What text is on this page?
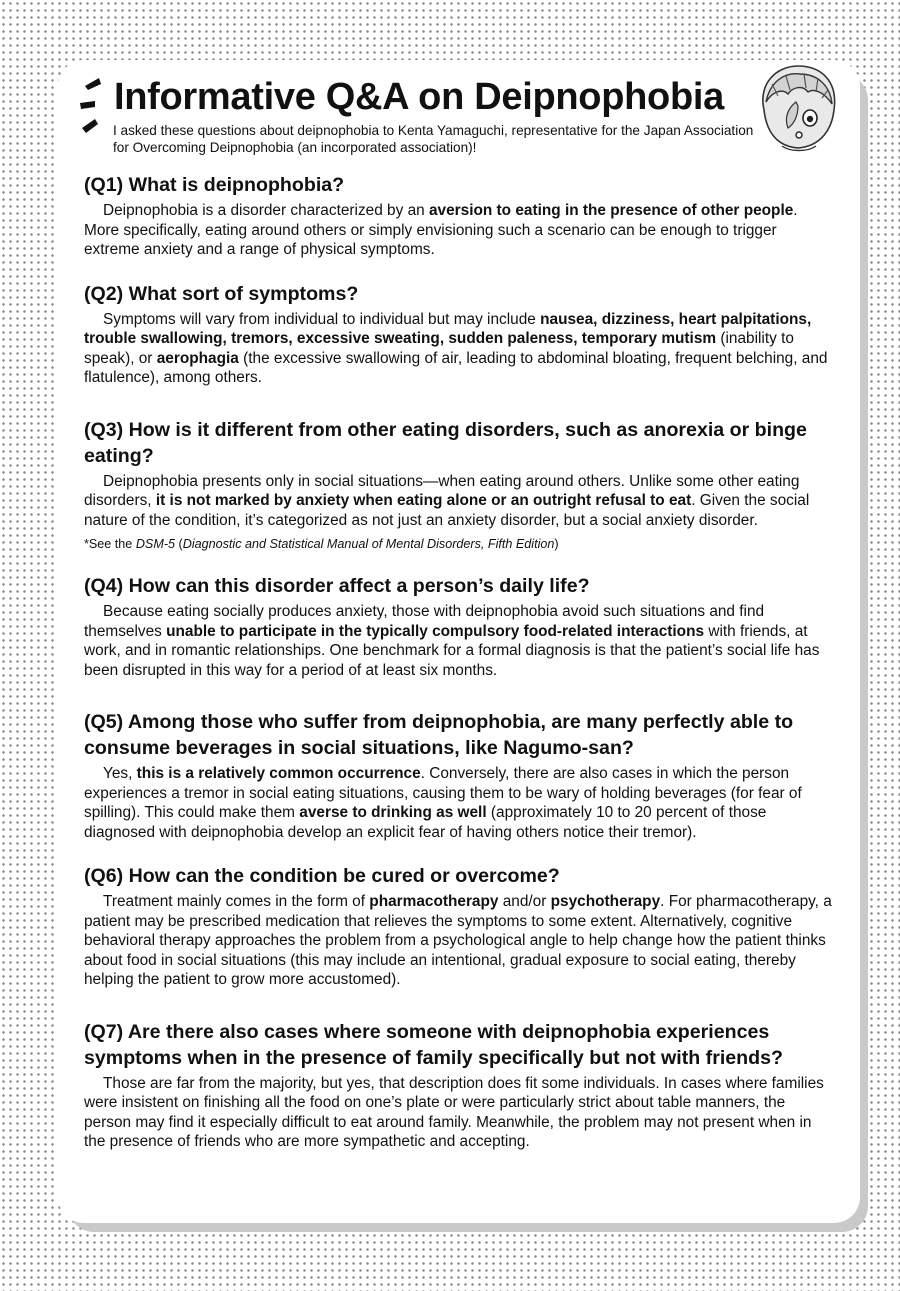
Informative Q&A on Deipnophobia

I asked these questions about deipnophobia to Kenta Yamaguchi, representative for the Japan Association for Overcoming Deipnophobia (an incorporated association)!

(Q1) What is deipnophobia?

Deipnophobia is a disorder characterized by an aversion to eating in the presence of other people. More specifically, eating around others or simply envisioning such a scenario can be enough to trigger extreme anxiety and a range of physical symptoms.

(Q2) What sort of symptoms?

Symptoms will vary from individual to individual but may include nausea, dizziness, heart palpitations, trouble swallowing, tremors, excessive sweating, sudden paleness, temporary mutism (inability to speak), or aerophagia (the excessive swallowing of air, leading to abdominal bloating, frequent belching, and flatulence), among others.

(Q3) How is it different from other eating disorders, such as anorexia or binge eating?

Deipnophobia presents only in social situations—when eating around others. Unlike some other eating disorders, it is not marked by anxiety when eating alone or an outright refusal to eat. Given the social nature of the condition, it’s categorized as not just an anxiety disorder, but a social anxiety disorder.

*See the DSM-5 (Diagnostic and Statistical Manual of Mental Disorders, Fifth Edition)

(Q4) How can this disorder affect a person’s daily life?

Because eating socially produces anxiety, those with deipnophobia avoid such situations and find themselves unable to participate in the typically compulsory food-related interactions with friends, at work, and in romantic relationships. One benchmark for a formal diagnosis is that the patient’s social life has been disrupted in this way for a period of at least six months.

(Q5) Among those who suffer from deipnophobia, are many perfectly able to consume beverages in social situations, like Nagumo-san?

Yes, this is a relatively common occurrence. Conversely, there are also cases in which the person experiences a tremor in social eating situations, causing them to be wary of holding beverages (for fear of spilling). This could make them averse to drinking as well (approximately 10 to 20 percent of those diagnosed with deipnophobia develop an explicit fear of having others notice their tremor).

(Q6) How can the condition be cured or overcome?

Treatment mainly comes in the form of pharmacotherapy and/or psychotherapy. For pharmacotherapy, a patient may be prescribed medication that relieves the symptoms to some extent. Alternatively, cognitive behavioral therapy approaches the problem from a psychological angle to help change how the patient thinks about food in social situations (this may include an intentional, gradual exposure to social eating, thereby helping the patient to grow more accustomed).

(Q7) Are there also cases where someone with deipnophobia experiences symptoms when in the presence of family specifically but not with friends?

Those are far from the majority, but yes, that description does fit some individuals. In cases where families were insistent on finishing all the food on one’s plate or were particularly strict about table manners, the person may find it especially difficult to eat around family. Meanwhile, the problem may not present when in the presence of friends who are more sympathetic and accepting.
